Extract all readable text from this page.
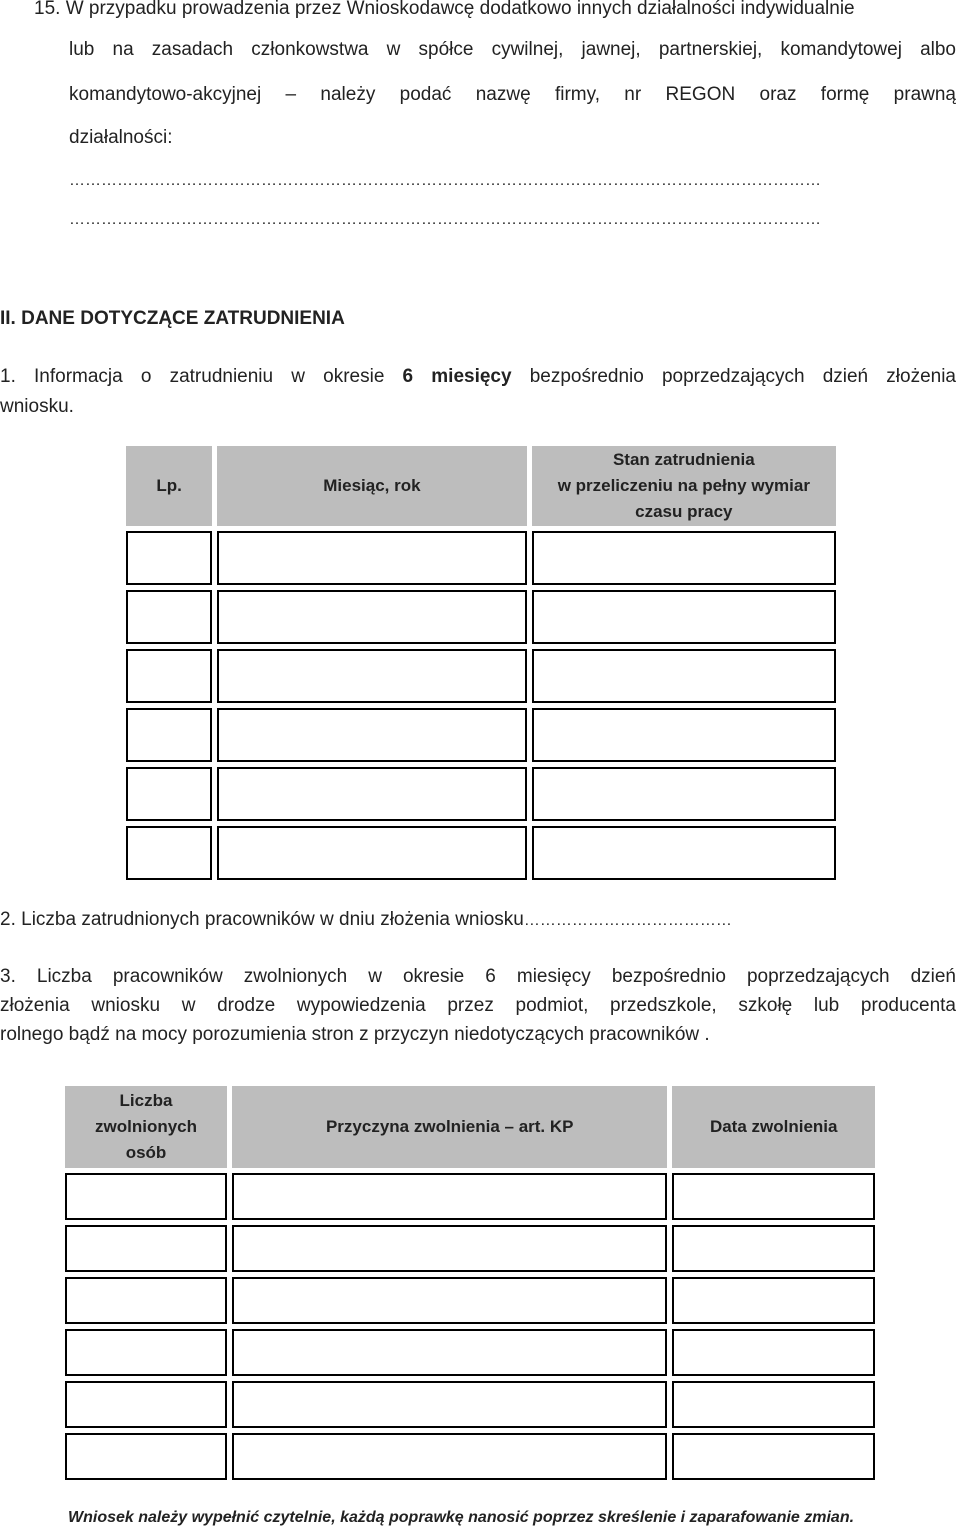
15. W przypadku prowadzenia przez Wnioskodawcę dodatkowo innych działalności indywidualnie
lub na zasadach członkowstwa w spółce cywilnej, jawnej, partnerskiej, komandytowej albo
komandytowo-akcyjnej – należy podać nazwę firmy, nr REGON oraz formę prawną
działalności:
……………………………………………………………………………………………………………………………
……………………………………………………………………………………………………………………………
II. DANE DOTYCZĄCE ZATRUDNIENIA
1. Informacja o zatrudnieniu w okresie 6 miesięcy bezpośrednio poprzedzających dzień złożenia
wniosku.
Lp.	Miesiąc, rok	Stan zatrudnienia
w przeliczeniu na pełny wymiar
czasu pracy

2. Liczba zatrudnionych pracowników w dniu złożenia wniosku…………………………………
3. Liczba pracowników zwolnionych w okresie 6 miesięcy bezpośrednio poprzedzających dzień
złożenia wniosku w drodze wypowiedzenia przez podmiot, przedszkole, szkołę lub producenta
rolnego bądź na mocy porozumienia stron z przyczyn niedotyczących pracowników .
Liczba
zwolnionych
osób	Przyczyna zwolnienia – art. KP	Data zwolnienia

Wniosek należy wypełnić czytelnie, każdą poprawkę nanosić poprzez skreślenie i zaparafowanie zmian.
